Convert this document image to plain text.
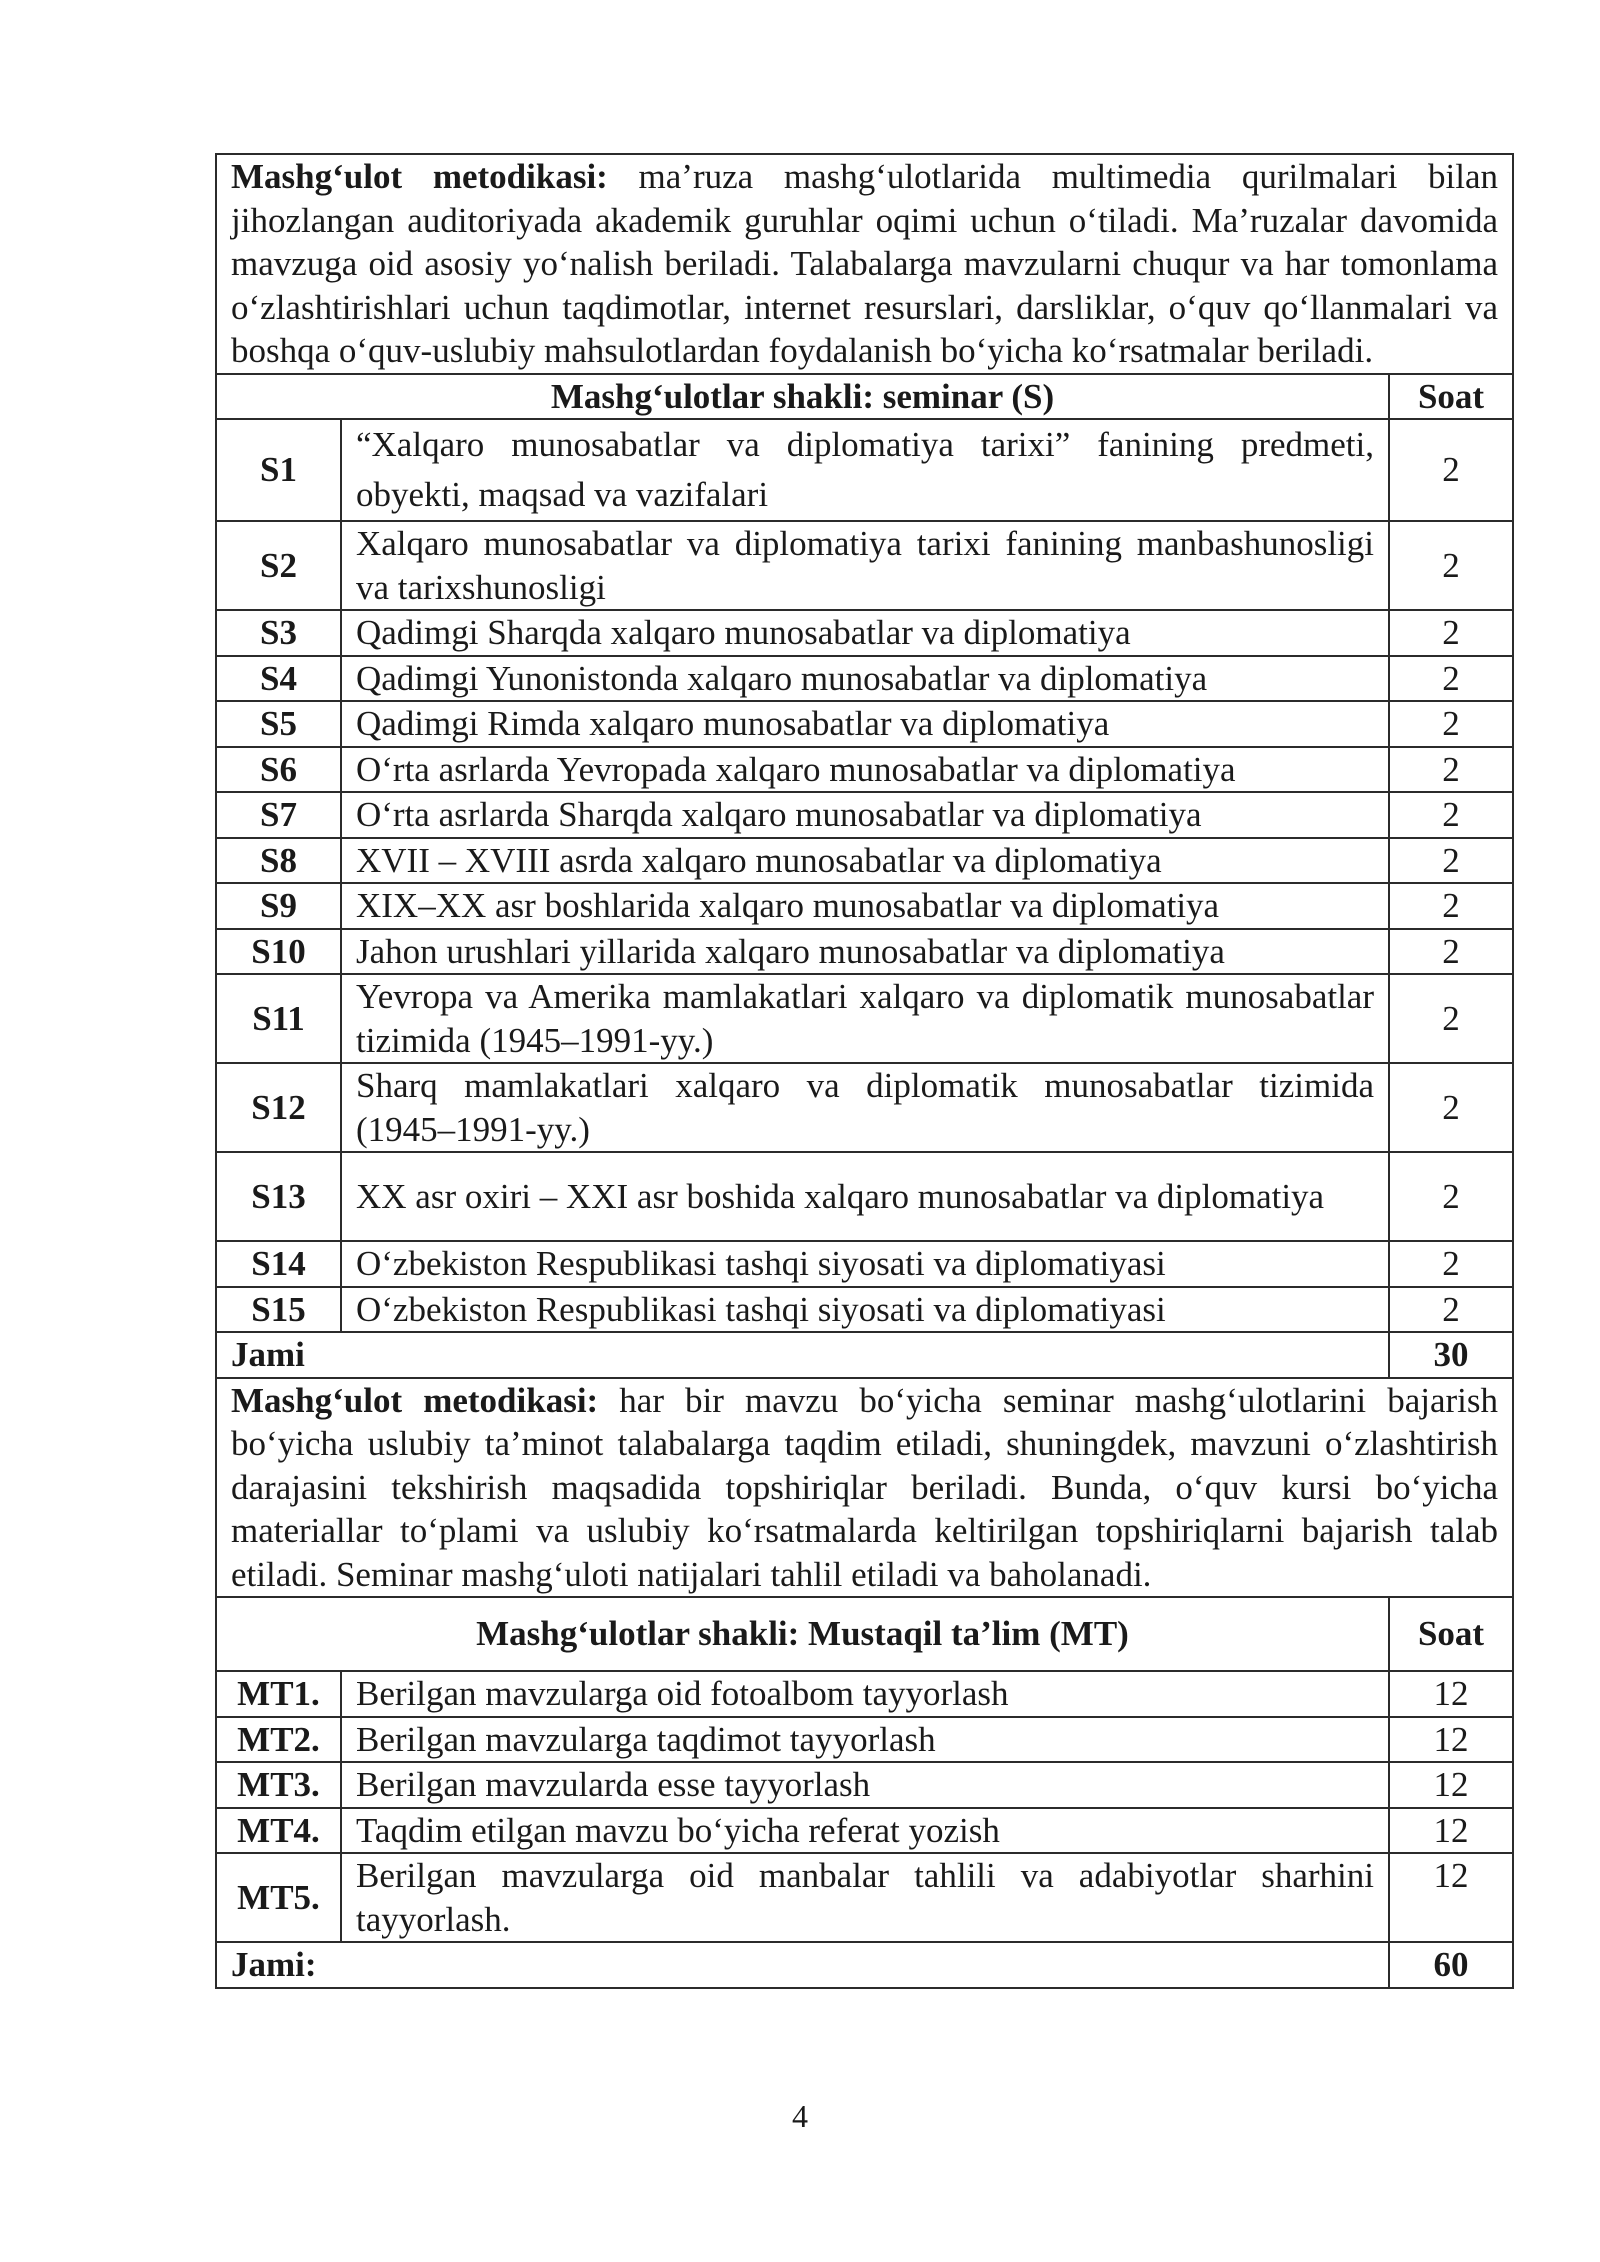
Mashg‘ulot metodikasi: ma’ruza mashg‘ulotlarida multimedia qurilmalari bilan jihozlangan auditoriyada akademik guruhlar oqimi uchun o‘tiladi. Ma’ruzalar davomida mavzuga oid asosiy yo‘nalish beriladi. Talabalarga mavzularni chuqur va har tomonlama o‘zlashtirishlari uchun taqdimotlar, internet resurslari, darsliklar, o‘quv qo‘llanmalari va boshqa o‘quv-uslubiy mahsulotlardan foydalanish bo‘yicha ko‘rsatmalar beriladi.		
Mashg‘ulotlar shakli: seminar (S)		Soat
S1	“Xalqaro munosabatlar va diplomatiya tarixi” fanining predmeti, obyekti, maqsad va vazifalari	2
S2	Xalqaro munosabatlar va diplomatiya tarixi fanining manbashunosligi va tarixshunosligi	2
S3	Qadimgi Sharqda xalqaro munosabatlar va diplomatiya	2
S4	Qadimgi Yunonistonda xalqaro munosabatlar va diplomatiya	2
S5	Qadimgi Rimda xalqaro munosabatlar va diplomatiya	2
S6	O‘rta asrlarda Yevropada xalqaro munosabatlar va diplomatiya	2
S7	O‘rta asrlarda Sharqda xalqaro munosabatlar va diplomatiya	2
S8	XVII – XVIII asrda xalqaro munosabatlar va diplomatiya	2
S9	XIX–XX asr boshlarida xalqaro munosabatlar va diplomatiya	2
S10	Jahon urushlari yillarida xalqaro munosabatlar va diplomatiya	2
S11	Yevropa va Amerika mamlakatlari xalqaro va diplomatik munosabatlar tizimida (1945–1991-yy.)	2
S12	Sharq mamlakatlari xalqaro va diplomatik munosabatlar tizimida (1945–1991-yy.)	2
S13	XX asr oxiri – XXI asr boshida xalqaro munosabatlar va diplomatiya	2
S14	O‘zbekiston Respublikasi tashqi siyosati va diplomatiyasi	2
S15	O‘zbekiston Respublikasi tashqi siyosati va diplomatiyasi	2
Jami		30
Mashg‘ulot metodikasi: har bir mavzu bo‘yicha seminar mashg‘ulotlarini bajarish bo‘yicha uslubiy ta’minot talabalarga taqdim etiladi, shuningdek, mavzuni o‘zlashtirish darajasini tekshirish maqsadida topshiriqlar beriladi. Bunda, o‘quv kursi bo‘yicha materiallar to‘plami va uslubiy ko‘rsatmalarda keltirilgan topshiriqlarni bajarish talab etiladi. Seminar mashg‘uloti natijalari tahlil etiladi va baholanadi.		
Mashg‘ulotlar shakli: Mustaqil ta’lim (MT)		Soat
MT1.	Berilgan mavzularga oid fotoalbom tayyorlash	12
MT2.	Berilgan mavzularga taqdimot tayyorlash	12
MT3.	Berilgan mavzularda esse tayyorlash	12
MT4.	Taqdim etilgan mavzu bo‘yicha referat yozish	12
MT5.	Berilgan mavzularga oid manbalar tahlili va adabiyotlar sharhini tayyorlash.	12
Jami:		60
4
